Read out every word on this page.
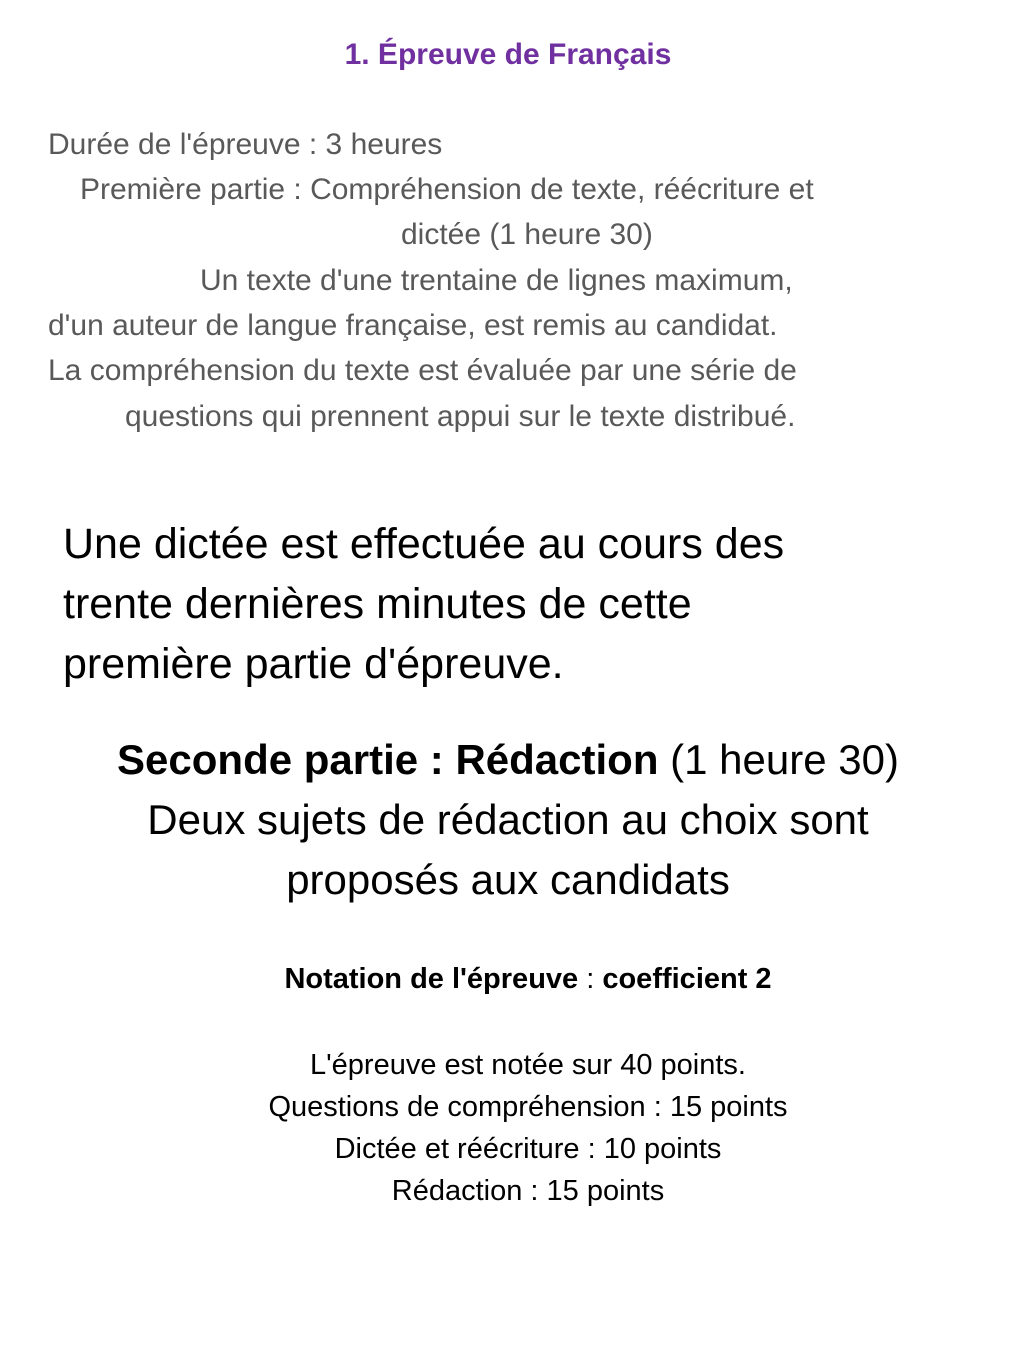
1. Épreuve de Français

Durée de l'épreuve : 3 heures

Première partie : Compréhension de texte, réécriture et

dictée (1 heure 30)

Un texte d'une trentaine de lignes maximum,

d'un auteur de langue française, est remis au candidat.

La compréhension du texte est évaluée par une série de

questions qui prennent appui sur le texte distribué.

Une dictée est effectuée au cours des

trente dernières minutes de cette

première partie d'épreuve.

Seconde partie : Rédaction (1 heure 30)

Deux sujets de rédaction au choix sont

proposés aux candidats

Notation de l'épreuve : coefficient 2

L'épreuve est notée sur 40 points.

Questions de compréhension : 15 points

Dictée et réécriture : 10 points

Rédaction : 15 points
